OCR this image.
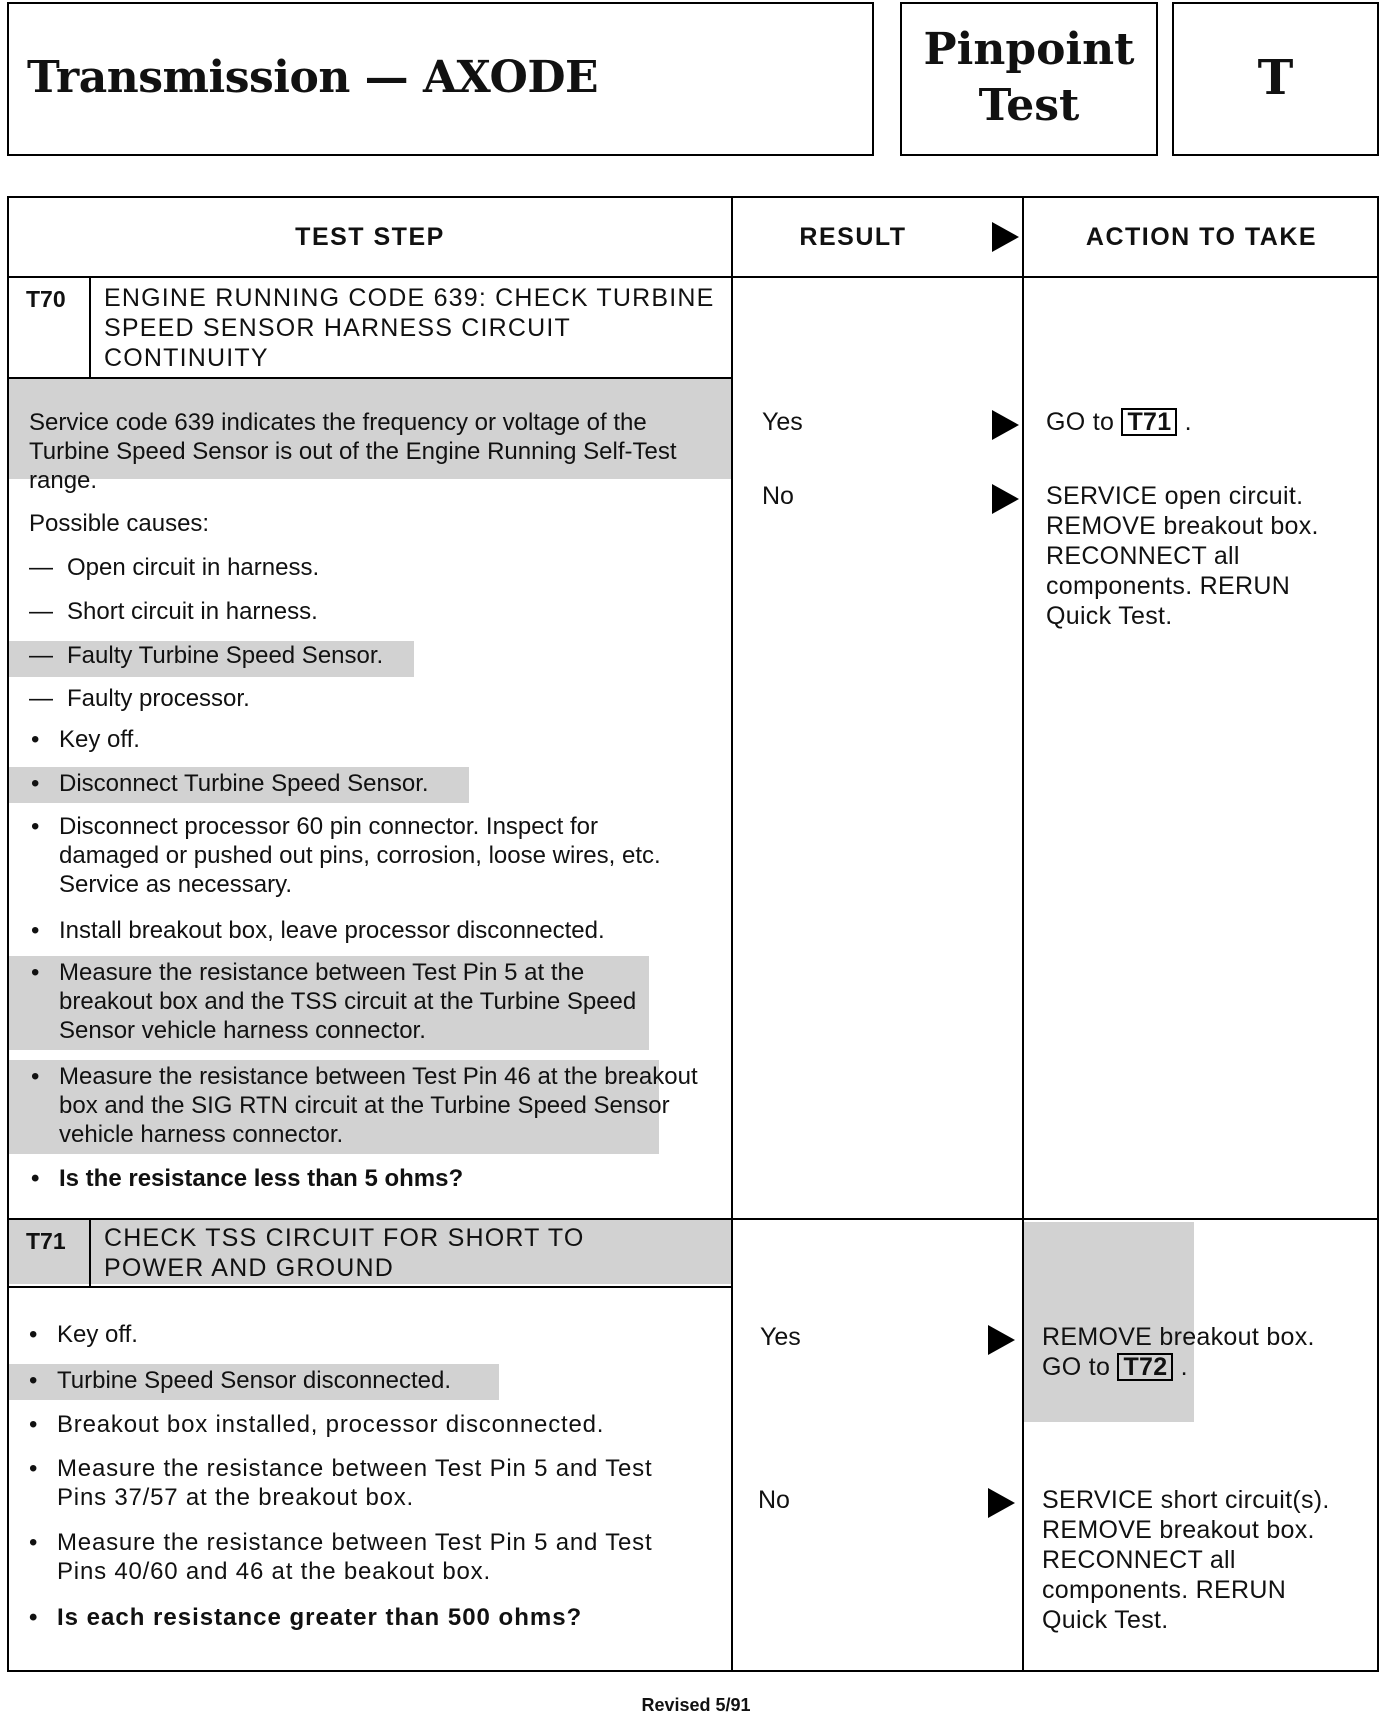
Transmission — AXODE
Pinpoint
Test	T
TEST STEP	RESULT	ACTION TO TAKE
T70 ENGINE RUNNING CODE 639: CHECK TURBINE SPEED SENSOR HARNESS CIRCUIT CONTINUITY
Service code 639 indicates the frequency or voltage of the Turbine Speed Sensor is out of the Engine Running Self-Test range.
Possible causes:
— Open circuit in harness.
— Short circuit in harness.
— Faulty Turbine Speed Sensor.
— Faulty processor.
• Key off.
• Disconnect Turbine Speed Sensor.
• Disconnect processor 60 pin connector. Inspect for damaged or pushed out pins, corrosion, loose wires, etc. Service as necessary.
• Install breakout box, leave processor disconnected.
• Measure the resistance between Test Pin 5 at the breakout box and the TSS circuit at the Turbine Speed Sensor vehicle harness connector.
• Measure the resistance between Test Pin 46 at the breakout box and the SIG RTN circuit at the Turbine Speed Sensor vehicle harness connector.
• Is the resistance less than 5 ohms?
Yes	GO to T71 .
No	SERVICE open circuit. REMOVE breakout box. RECONNECT all components. RERUN Quick Test.
T71 CHECK TSS CIRCUIT FOR SHORT TO POWER AND GROUND
• Key off.
• Turbine Speed Sensor disconnected.
• Breakout box installed, processor disconnected.
• Measure the resistance between Test Pin 5 and Test Pins 37/57 at the breakout box.
• Measure the resistance between Test Pin 5 and Test Pins 40/60 and 46 at the beakout box.
• Is each resistance greater than 500 ohms?
Yes	REMOVE breakout box.
GO to T72 .
No	SERVICE short circuit(s). REMOVE breakout box. RECONNECT all components. RERUN Quick Test.
Revised 5/91
